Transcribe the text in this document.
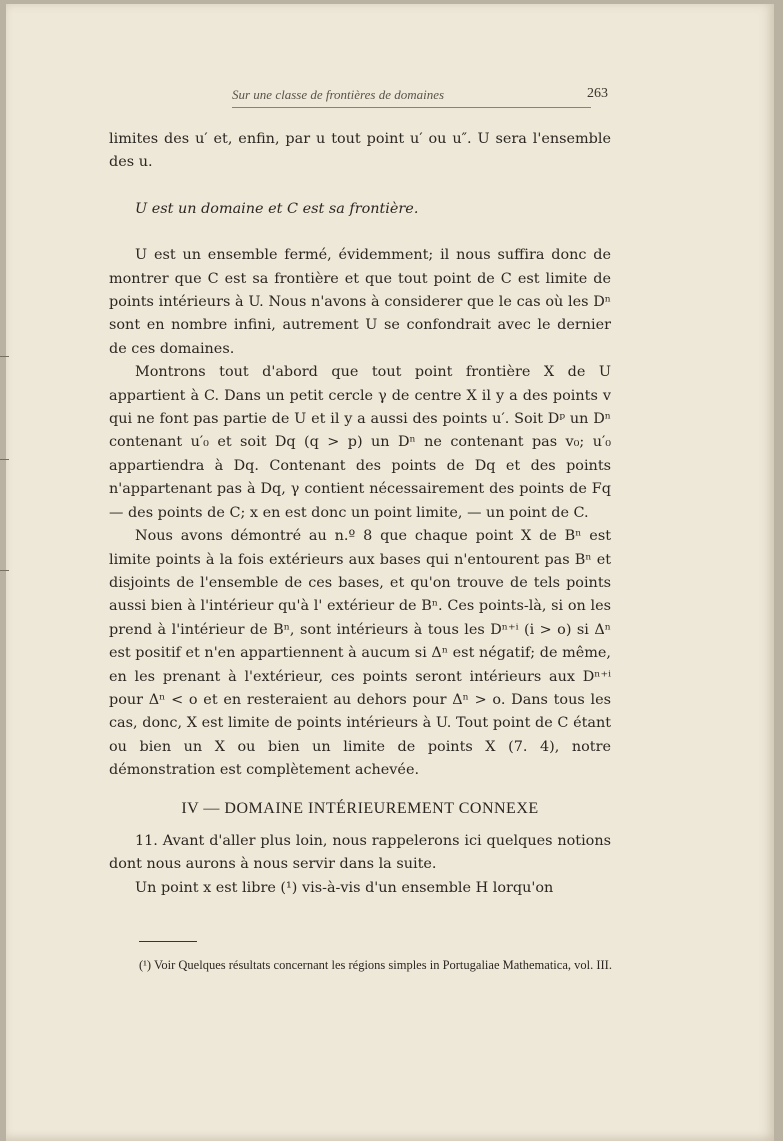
Sur une classe de frontières de domaines	263

limites des u′ et, enfin, par u tout point u′ ou u″. U sera l'ensemble des u.

U est un domaine et C est sa frontière.

U est un ensemble fermé, évidemment; il nous suffira donc de montrer que C est sa frontière et que tout point de C est limite de points intérieurs à U. Nous n'avons à considerer que le cas où les Dⁿ sont en nombre infini, autrement U se confondrait avec le dernier de ces domaines.

Montrons tout d'abord que tout point frontière X de U appartient à C. Dans un petit cercle γ de centre X il y a des points v qui ne font pas partie de U et il y a aussi des points u′. Soit Dᵖ un Dⁿ contenant u′₀ et soit Dq (q > p) un Dⁿ ne contenant pas v₀; u′₀ appartiendra à Dq. Contenant des points de Dq et des points n'appartenant pas à Dq, γ contient nécessairement des points de Fq — des points de C; x en est donc un point limite, — un point de C.

Nous avons démontré au n.º 8 que chaque point X de Bⁿ est limite points à la fois extérieurs aux bases qui n'entourent pas Bⁿ et disjoints de l'ensemble de ces bases, et qu'on trouve de tels points aussi bien à l'intérieur qu'à l' extérieur de Bⁿ. Ces points-là, si on les prend à l'intérieur de Bⁿ, sont intérieurs à tous les Dⁿ⁺ⁱ (i > o) si Δⁿ est positif et n'en appartiennent à aucum si Δⁿ est négatif; de même, en les prenant à l'extérieur, ces points seront intérieurs aux Dⁿ⁺ⁱ pour Δⁿ < o et en resteraient au dehors pour Δⁿ > o. Dans tous les cas, donc, X est limite de points intérieurs à U. Tout point de C étant ou bien un X ou bien un limite de points X (7. 4), notre démonstration est complètement achevée.

IV — DOMAINE INTÉRIEUREMENT CONNEXE

11. Avant d'aller plus loin, nous rappelerons ici quelques notions dont nous aurons à nous servir dans la suite.

Un point x est libre (¹) vis-à-vis d'un ensemble H lorqu'on

(¹) Voir Quelques résultats concernant les régions simples in Portugaliae Mathematica, vol. III.
